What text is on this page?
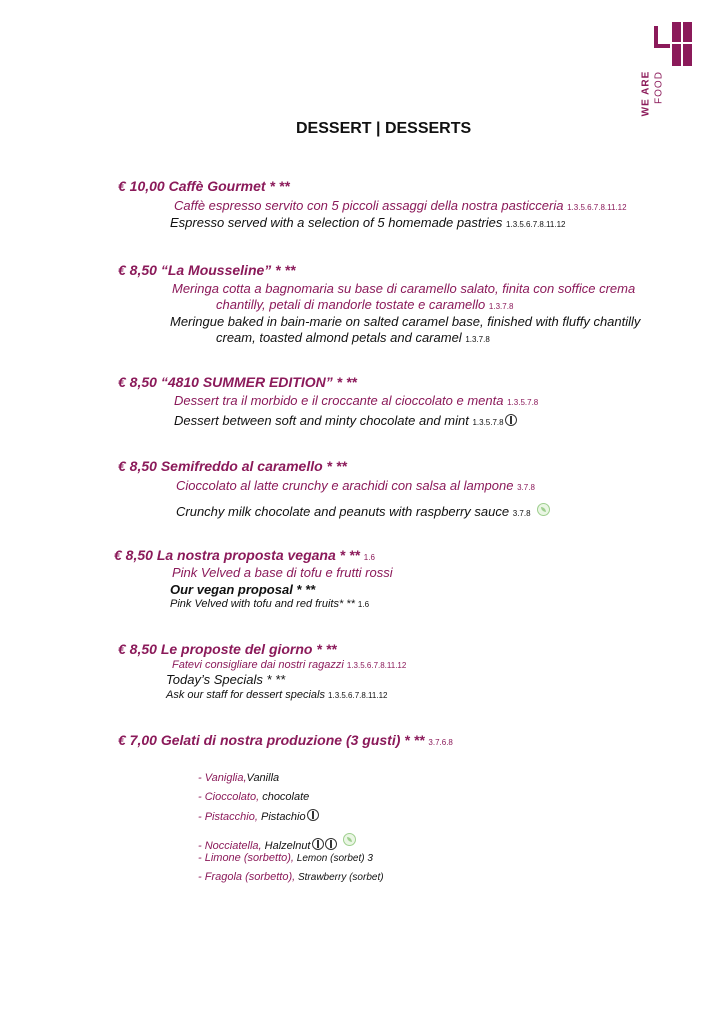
WE ARE FOOD
DESSERT | DESSERTS
€ 10,00 Caffè Gourmet * **
Caffè espresso servito con 5 piccoli assaggi della nostra pasticceria 1.3.5.6.7.8.11.12
Espresso served with a selection of 5 homemade pastries 1.3.5.6.7.8.11.12
€ 8,50 “La Mousseline” * **
Meringa cotta a bagnomaria su base di caramello salato, finita con soffice crema
chantilly, petali di mandorle tostate e caramello 1.3.7.8
Meringue baked in bain-marie on salted caramel base, finished with fluffy chantilly
cream, toasted almond petals and caramel 1.3.7.8
€ 8,50 “4810 SUMMER EDITION” * **
Dessert tra il morbido e il croccante al cioccolato e menta 1.3.5.7.8
Dessert between soft and minty chocolate and mint 1.3.5.7.8
€ 8,50 Semifreddo al caramello * **
Cioccolato al latte crunchy e arachidi con salsa al lampone 3.7.8
Crunchy milk chocolate and peanuts with raspberry sauce 3.7.8
€ 8,50 La nostra proposta vegana * ** 1.6
Pink Velved a base di tofu e frutti rossi
Our vegan proposal * **
Pink Velved with tofu and red fruits* ** 1.6
€ 8,50 Le proposte del giorno * **
Fatevi consigliare dai nostri ragazzi 1.3.5.6.7.8.11.12
Today’s Specials * **
Ask our staff for dessert specials 1.3.5.6.7.8.11.12
€ 7,00 Gelati di nostra produzione (3 gusti) * ** 3.7.6.8
- Vaniglia,Vanilla
- Cioccolato, chocolate
- Pistacchio, Pistachio
- Nocciatella, Halzelnut
- Limone (sorbetto), Lemon (sorbet) 3
- Fragola (sorbetto), Strawberry (sorbet)
